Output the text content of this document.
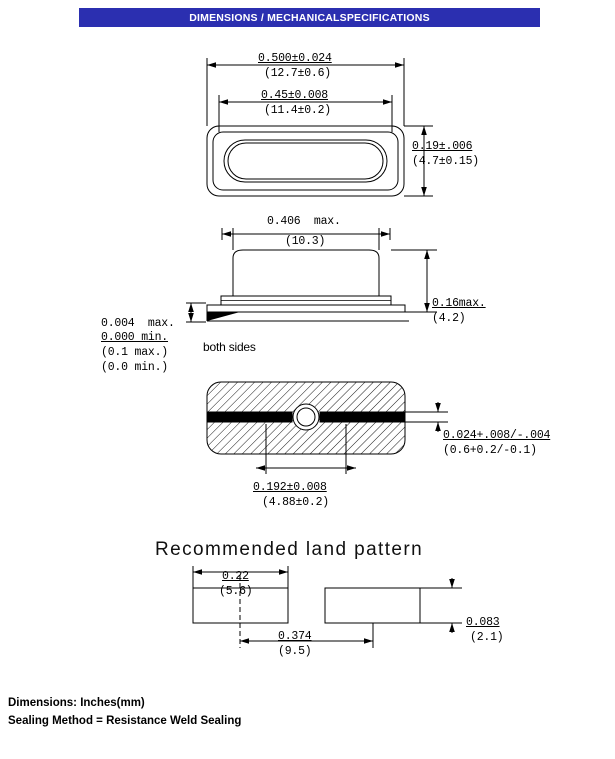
DIMENSIONS / MECHANICALSPECIFICATIONS
0.500±0.024
(12.7±0.6)
0.45±0.008
(11.4±0.2)
0.19±.006
(4.7±0.15)
0.406  max.
(10.3)
0.16max.
(4.2)
0.004  max.
0.000 min.
(0.1 max.)
(0.0 min.)
both sides
0.192±0.008
(4.88±0.2)
0.024+.008/-.004
(0.6+0.2/-0.1)
Recommended land pattern
0.22
(5.6)
0.374
(9.5)
0.083
(2.1)
Dimensions: Inches(mm)
Sealing Method = Resistance Weld Sealing
